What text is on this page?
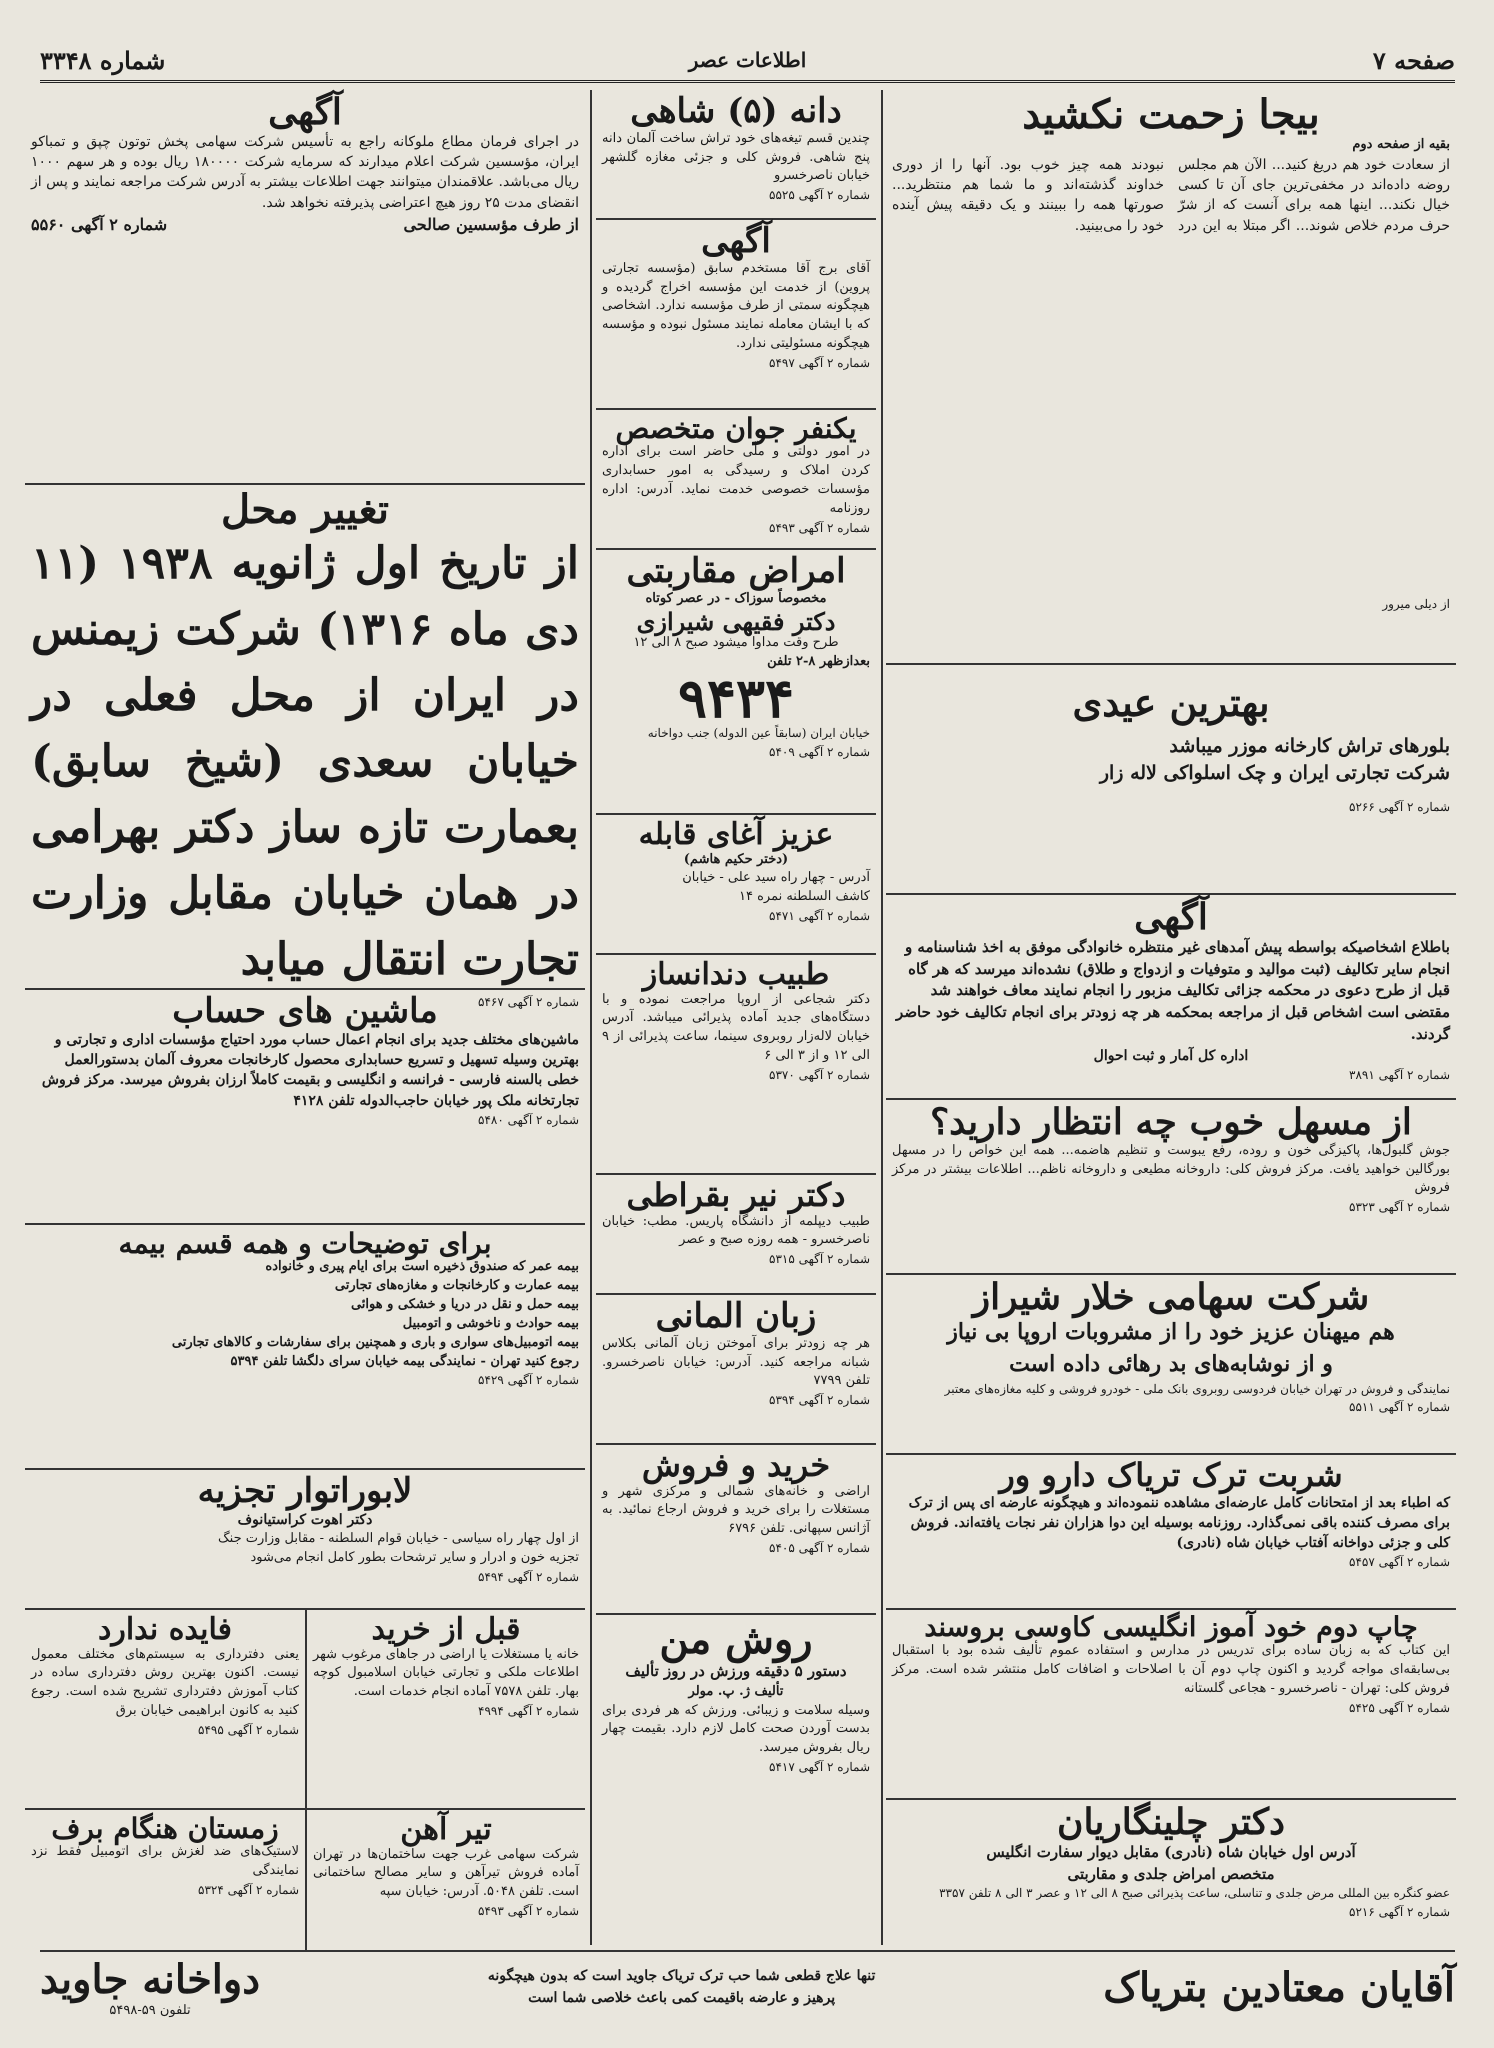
صفحه ۷
اطلاعات عصر
شماره ۳۳۴۸
بیجا زحمت نکشید
بقیه از صفحه دوم
از سعادت خود هم دریغ کنید... الآن هم مجلس روضه داده‌اند در مخفی‌ترین جای آن تا کسی خیال نکند... اینها همه برای آنست که از شرّ حرف مردم خلاص شوند... اگر مبتلا به این درد نبودند همه چیز خوب بود. آنها را از دوری خداوند گذشته‌اند و ما شما هم منتظرید... صورتها همه را ببینند و یک دقیقه پیش آینده خود را می‌بینید.
از دیلی میرور
بهترین عیدی
بلورهای تراش کارخانه موزر میباشد
شرکت تجارتی ایران و چک اسلواکی لاله زار
شماره ۲ آگهی ۵۲۶۶
آگهی
باطلاع اشخاصیکه بواسطه پیش آمدهای غیر منتظره خانوادگی موفق به اخذ شناسنامه و انجام سایر تکالیف (ثبت موالید و متوفیات و ازدواج و طلاق) نشده‌اند میرسد که هر گاه قبل از طرح دعوی در محکمه جزائی تکالیف مزبور را انجام نمایند معاف خواهند شد مقتضی است اشخاص قبل از مراجعه بمحکمه هر چه زودتر برای انجام تکالیف خود حاضر گردند.
اداره کل آمار و ثبت احوال
شماره ۲ آگهی ۳۸۹۱
از مسهل خوب چه انتظار دارید؟
جوش گلبول‌ها، پاکیزگی خون و روده، رفع یبوست و تنظیم هاضمه... همه این خواص را در مسهل بورگالین خواهید یافت. مرکز فروش کلی: داروخانه مطیعی و داروخانه ناظم... اطلاعات بیشتر در مرکز فروش
شماره ۲ آگهی ۵۳۲۳
شرکت سهامی خلار شیراز
هم میهنان عزیز خود را از مشروبات اروپا بی نیاز
و از نوشابه‌های بد رهائی داده است
نمایندگی و فروش در تهران خیابان فردوسی روبروی بانک ملی - خودرو فروشی و کلیه مغازه‌های معتبر
شماره ۲ آگهی ۵۵۱۱
شربت ترک تریاک دارو ور
که اطباء بعد از امتحانات کامل عارضه‌ای مشاهده ننموده‌اند و هیچگونه عارضه ای پس از ترک برای مصرف کننده باقی نمی‌گذارد. روزنامه بوسیله این دوا هزاران نفر نجات یافته‌اند. فروش کلی و جزئی دواخانه آفتاب خیابان شاه (نادری)
شماره ۲ آگهی ۵۴۵۷
چاپ دوم خود آموز انگلیسی کاوسی بروسند
این کتاب که به زبان ساده برای تدریس در مدارس و استفاده عموم تألیف شده بود با استقبال بی‌سابقه‌ای مواجه گردید و اکنون چاپ دوم آن با اصلاحات و اضافات کامل منتشر شده است. مرکز فروش کلی: تهران - ناصرخسرو - هجاعی گلستانه
شماره ۲ آگهی ۵۴۲۵
دکتر چلینگاریان
آدرس اول خیابان شاه (نادری) مقابل دیوار سفارت انگلیس
متخصص امراض جلدی و مقاربتی
عضو کنگره بین المللی مرض جلدی و تناسلی، ساعت پذیرائی صبح ۸ الی ۱۲ و عصر ۳ الی ۸ تلفن ۳۳۵۷
شماره ۲ آگهی ۵۲۱۶
دانه (۵) شاهی
چندین قسم تیغه‌های خود تراش ساخت آلمان دانه پنج شاهی. فروش کلی و جزئی مغازه گلشهر خیابان ناصرخسرو
شماره ۲ آگهی ۵۵۲۵
آگهی
آقای برج آقا مستخدم سابق (مؤسسه تجارتی پروین) از خدمت این مؤسسه اخراج گردیده و هیچگونه سمتی از طرف مؤسسه ندارد. اشخاصی که با ایشان معامله نمایند مسئول نبوده و مؤسسه هیچگونه مسئولیتی ندارد.
شماره ۲ آگهی ۵۴۹۷
یکنفر جوان متخصص
در امور دولتی و ملّی حاضر است برای اداره کردن املاک و رسیدگی به امور حسابداری مؤسسات خصوصی خدمت نماید. آدرس: اداره روزنامه
شماره ۲ آگهی ۵۴۹۳
امراض مقاربتی
مخصوصاً سوزاک - در عصر کوتاه
دکتر فقیهی شیرازی
طرح وقت مداوا میشود صبح ۸ الی ۱۲
بعدازظهر ۸-۲ تلفن
۹۴۳۴
خیابان ایران (سابقاً عین الدوله) جنب دواخانه
شماره ۲ آگهی ۵۴۰۹
عزیز آغای قابله
(دختر حکیم هاشم)
آدرس - چهار راه سید علی - خیابان
کاشف السلطنه نمره ۱۴
شماره ۲ آگهی ۵۴۷۱
طبیب دندانساز
دکتر شجاعی از اروپا مراجعت نموده و با دستگاه‌های جدید آماده پذیرائی میباشد. آدرس خیابان لاله‌زار روبروی سینما، ساعت پذیرائی از ۹ الی ۱۲ و از ۳ الی ۶
شماره ۲ آگهی ۵۳۷۰
دکتر نیر بقراطی
طبیب دیپلمه از دانشگاه پاریس. مطب: خیابان ناصرخسرو - همه روزه صبح و عصر
شماره ۲ آگهی ۵۳۱۵
زبان المانی
هر چه زودتر برای آموختن زبان آلمانی بکلاس شبانه مراجعه کنید. آدرس: خیابان ناصرخسرو. تلفن ۷۷۹۹
شماره ۲ آگهی ۵۳۹۴
خرید و فروش
اراضی و خانه‌های شمالی و مرکزی شهر و مستغلات را برای خرید و فروش ارجاع نمائید. به آژانس سپهانی. تلفن ۶۷۹۶
شماره ۲ آگهی ۵۴۰۵
روش من
دستور ۵ دقیقه ورزش در روز تألیف
تألیف ژ. پ. مولر
وسیله سلامت و زیبائی. ورزش که هر فردی برای بدست آوردن صحت کامل لازم دارد. بقیمت چهار ریال بفروش میرسد.
شماره ۲ آگهی ۵۴۱۷
آگهی
در اجرای فرمان مطاع ملوکانه راجع به تأسیس شرکت سهامی پخش توتون چپق و تمباکو ایران، مؤسسین شرکت اعلام میدارند که سرمایه شرکت ۱۸۰۰۰۰ ریال بوده و هر سهم ۱۰۰۰ ریال می‌باشد. علاقمندان میتوانند جهت اطلاعات بیشتر به آدرس شرکت مراجعه نمایند و پس از انقضای مدت ۲۵ روز هیچ اعتراضی پذیرفته نخواهد شد.
از طرف مؤسسین صالحی
شماره ۲ آگهی ۵۵۶۰
تغییر محل
از تاریخ اول ژانویه ۱۹۳۸ (۱۱ دی ماه ۱۳۱۶) شرکت زیمنس در ایران از محل فعلی در خیابان سعدی (شیخ سابق) بعمارت تازه ساز دکتر بهرامی در همان خیابان مقابل وزارت تجارت انتقال میابد
شماره ۲ آگهی ۵۴۶۷
ماشین های حساب
ماشین‌های مختلف جدید برای انجام اعمال حساب مورد احتیاج مؤسسات اداری و تجارتی و بهترین وسیله تسهیل و تسریع حسابداری محصول کارخانجات معروف آلمان بدستورالعمل خطی بالسنه فارسی - فرانسه و انگلیسی و بقیمت کاملاً ارزان بفروش میرسد. مرکز فروش تجارتخانه ملک پور خیابان حاجب‌الدوله تلفن ۴۱۲۸
شماره ۲ آگهی ۵۴۸۰
برای توضیحات و همه قسم بیمه
بیمه عمر که صندوق ذخیره است برای ایام پیری و خانواده
بیمه عمارت و کارخانجات و مغازه‌های تجارتی
بیمه حمل و نقل در دریا و خشکی و هوائی
بیمه حوادث و ناخوشی و اتومبیل
بیمه اتومبیل‌های سواری و باری و همچنین برای سفارشات و کالاهای تجارتی
رجوع کنید تهران - نمایندگی بیمه خیابان سرای دلگشا تلفن ۵۳۹۴
شماره ۲ آگهی ۵۴۲۹
لابوراتوار تجزیه
دکتر اهوت کراستیانوف
از اول چهار راه سیاسی - خیابان قوام السلطنه - مقابل وزارت جنگ
تجزیه خون و ادرار و سایر ترشحات بطور کامل انجام می‌شود
شماره ۲ آگهی ۵۴۹۴
فایده ندارد
یعنی دفترداری به سیستم‌های مختلف معمول نیست. اکنون بهترین روش دفترداری ساده در کتاب آموزش دفترداری تشریح شده است. رجوع کنید به کانون ابراهیمی خیابان برق
شماره ۲ آگهی ۵۴۹۵
زمستان هنگام برف
لاستیک‌های ضد لغزش برای اتومبیل فقط نزد نمایندگی
شماره ۲ آگهی ۵۳۲۴
قبل از خرید
خانه یا مستغلات یا اراضی در جاهای مرغوب شهر اطلاعات ملکی و تجارتی خیابان اسلامبول کوچه بهار. تلفن ۷۵۷۸ آماده انجام خدمات است.
شماره ۲ آگهی ۴۹۹۴
تیر آهن
شرکت سهامی غرب جهت ساختمان‌ها در تهران آماده فروش تیرآهن و سایر مصالح ساختمانی است. تلفن ۵۰۴۸. آدرس: خیابان سپه
شماره ۲ آگهی ۵۴۹۳
آقایان معتادین بتریاک
تنها علاج قطعی شما حب ترک تریاک جاوید است که بدون هیچگونه
پرهیز و عارضه باقیمت کمی باعث خلاصی شما است
دواخانه جاوید
تلفون ۵۹-۵۴۹۸
